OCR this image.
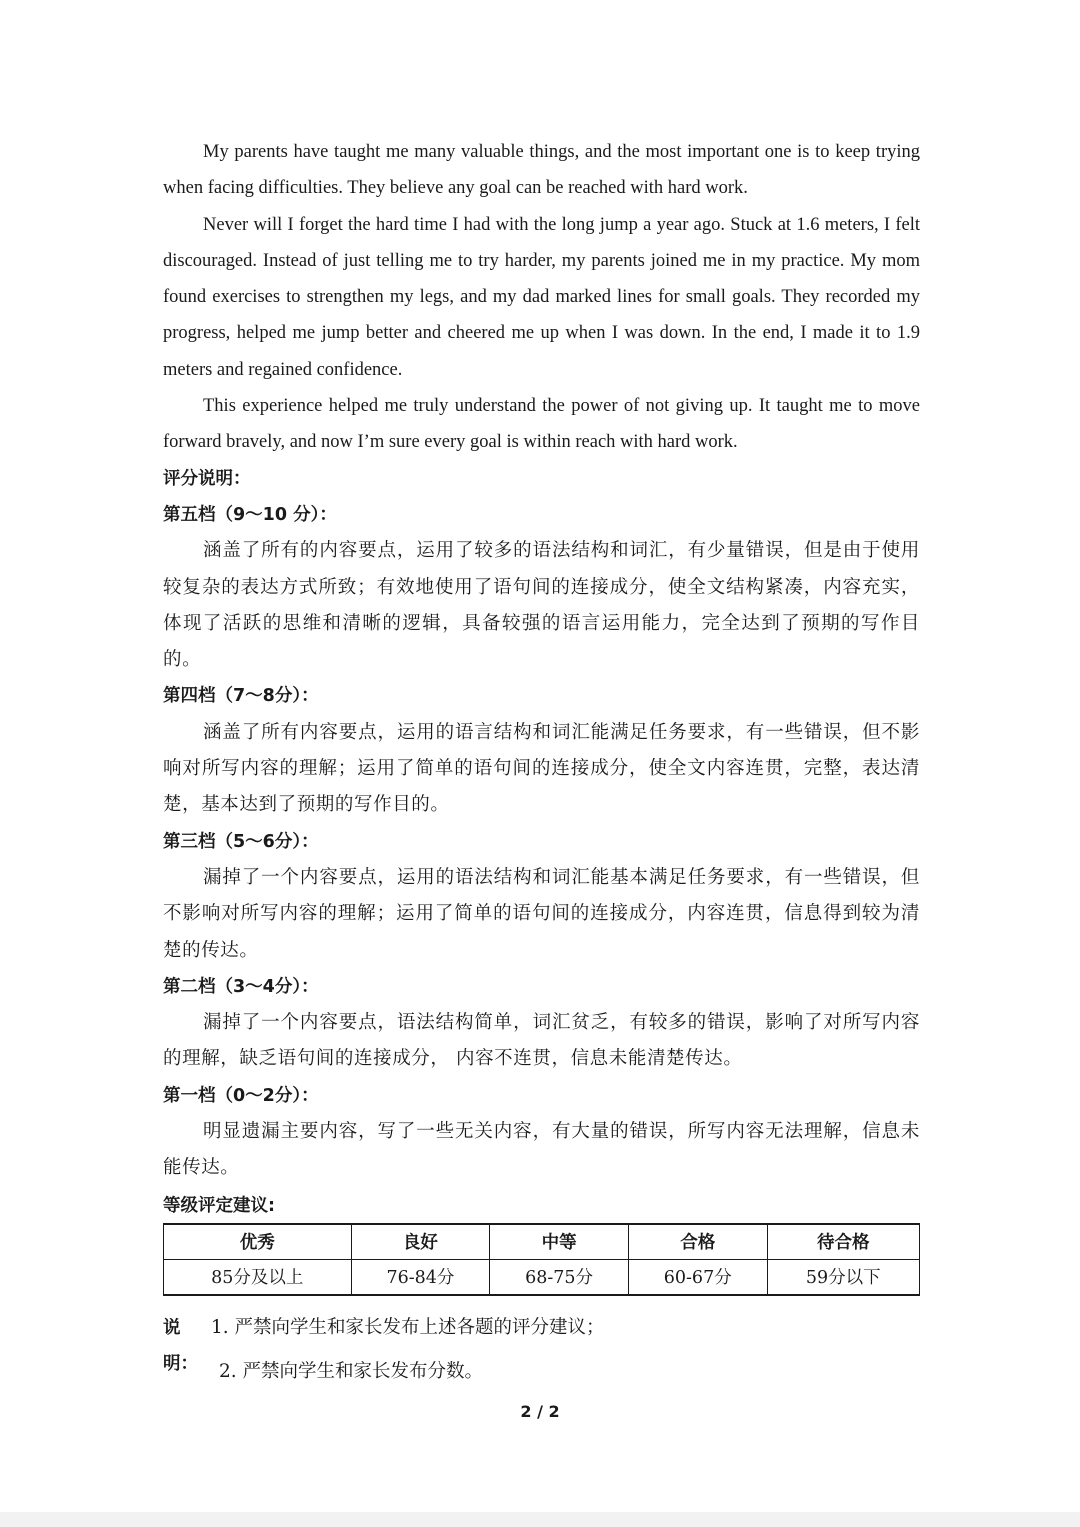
My parents have taught me many valuable things, and the most important one is to keep trying when facing difficulties. They believe any goal can be reached with hard work.

Never will I forget the hard time I had with the long jump a year ago. Stuck at 1.6 meters, I felt discouraged. Instead of just telling me to try harder, my parents joined me in my practice. My mom found exercises to strengthen my legs, and my dad marked lines for small goals. They recorded my progress, helped me jump better and cheered me up when I was down. In the end, I made it to 1.9 meters and regained confidence.

This experience helped me truly understand the power of not giving up. It taught me to move forward bravely, and now I’m sure every goal is within reach with hard work.

评分说明：

第五档（9～10 分）：

涵盖了所有的内容要点，运用了较多的语法结构和词汇，有少量错误，但是由于使用较复杂的表达方式所致；有效地使用了语句间的连接成分，使全文结构紧凑，内容充实，体现了活跃的思维和清晰的逻辑，具备较强的语言运用能力，完全达到了预期的写作目的。

第四档（7～8分）：

涵盖了所有内容要点，运用的语言结构和词汇能满足任务要求，有一些错误，但不影响对所写内容的理解；运用了简单的语句间的连接成分，使全文内容连贯，完整，表达清楚，基本达到了预期的写作目的。

第三档（5～6分）：

漏掉了一个内容要点，运用的语法结构和词汇能基本满足任务要求，有一些错误，但不影响对所写内容的理解；运用了简单的语句间的连接成分，内容连贯，信息得到较为清楚的传达。

第二档（3～4分）：

漏掉了一个内容要点，语法结构简单，词汇贫乏，有较多的错误，影响了对所写内容的理解，缺乏语句间的连接成分， 内容不连贯，信息未能清楚传达。

第一档（0～2分）：

明显遗漏主要内容，写了一些无关内容，有大量的错误，所写内容无法理解，信息未能传达。

等级评定建议:

优秀	良好	中等	合格	待合格
85分及以上	76-84分	68-75分	60-67分	59分以下
说明：
1. 严禁向学生和家长发布上述各题的评分建议；
2. 严禁向学生和家长发布分数。
2 / 2
